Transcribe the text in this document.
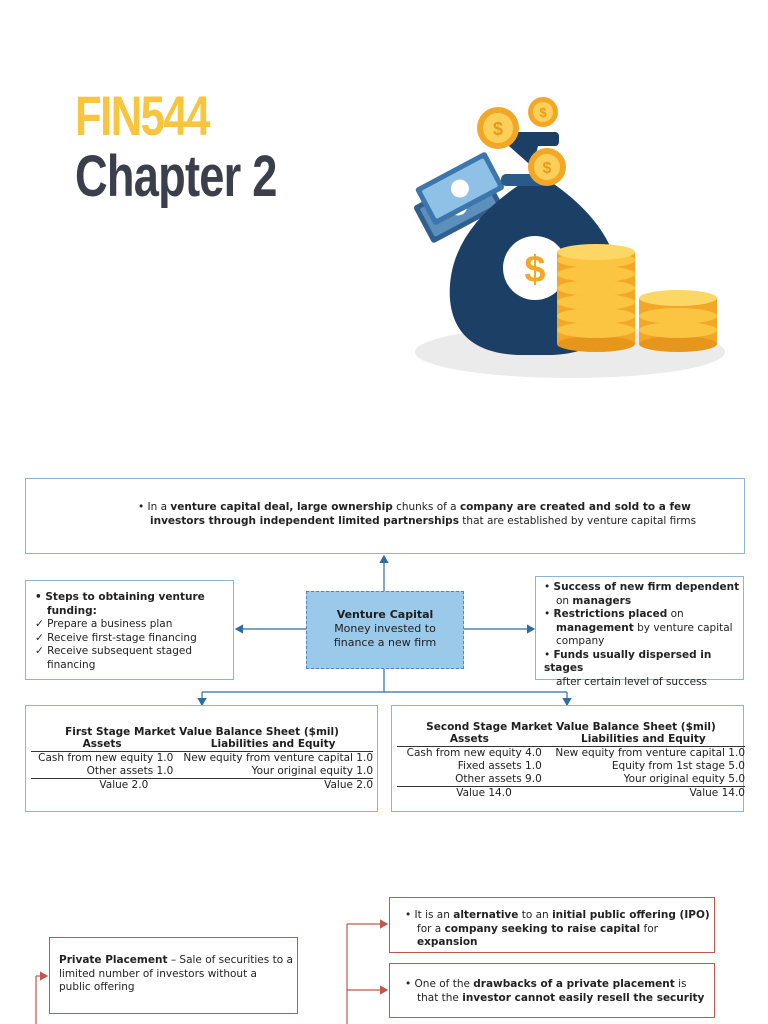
FIN544
Chapter 2
$
$
$
$
• In a venture capital deal, large ownership chunks of a company are created and sold to a few
investors through independent limited partnerships that are established by venture capital firms
• Steps to obtaining venture
funding:
✓ Prepare a business plan
✓ Receive first-stage financing
✓ Receive subsequent staged
financing
Venture Capital
Money invested to
finance a new firm
• Success of new firm dependent
on managers
• Restrictions placed on
management by venture capital
company
• Funds usually dispersed in stages
after certain level of success
First Stage Market Value Balance Sheet ($mil)
Assets	Liabilities and Equity
Cash from new equity 1.0	New equity from venture capital 1.0
Other assets 1.0	Your original equity 1.0
Value 2.0	Value 2.0
Second Stage Market Value Balance Sheet ($mil)
Assets	Liabilities and Equity
Cash from new equity 4.0	New equity from venture capital 1.0
Fixed assets 1.0	Equity from 1st stage 5.0
Other assets 9.0	Your original equity 5.0
Value 14.0	Value 14.0
Private Placement – Sale of securities to a
limited number of investors without a
public offering
• It is an alternative to an initial public offering (IPO)
for a company seeking to raise capital for
expansion
• One of the drawbacks of a private placement is
that the investor cannot easily resell the security
